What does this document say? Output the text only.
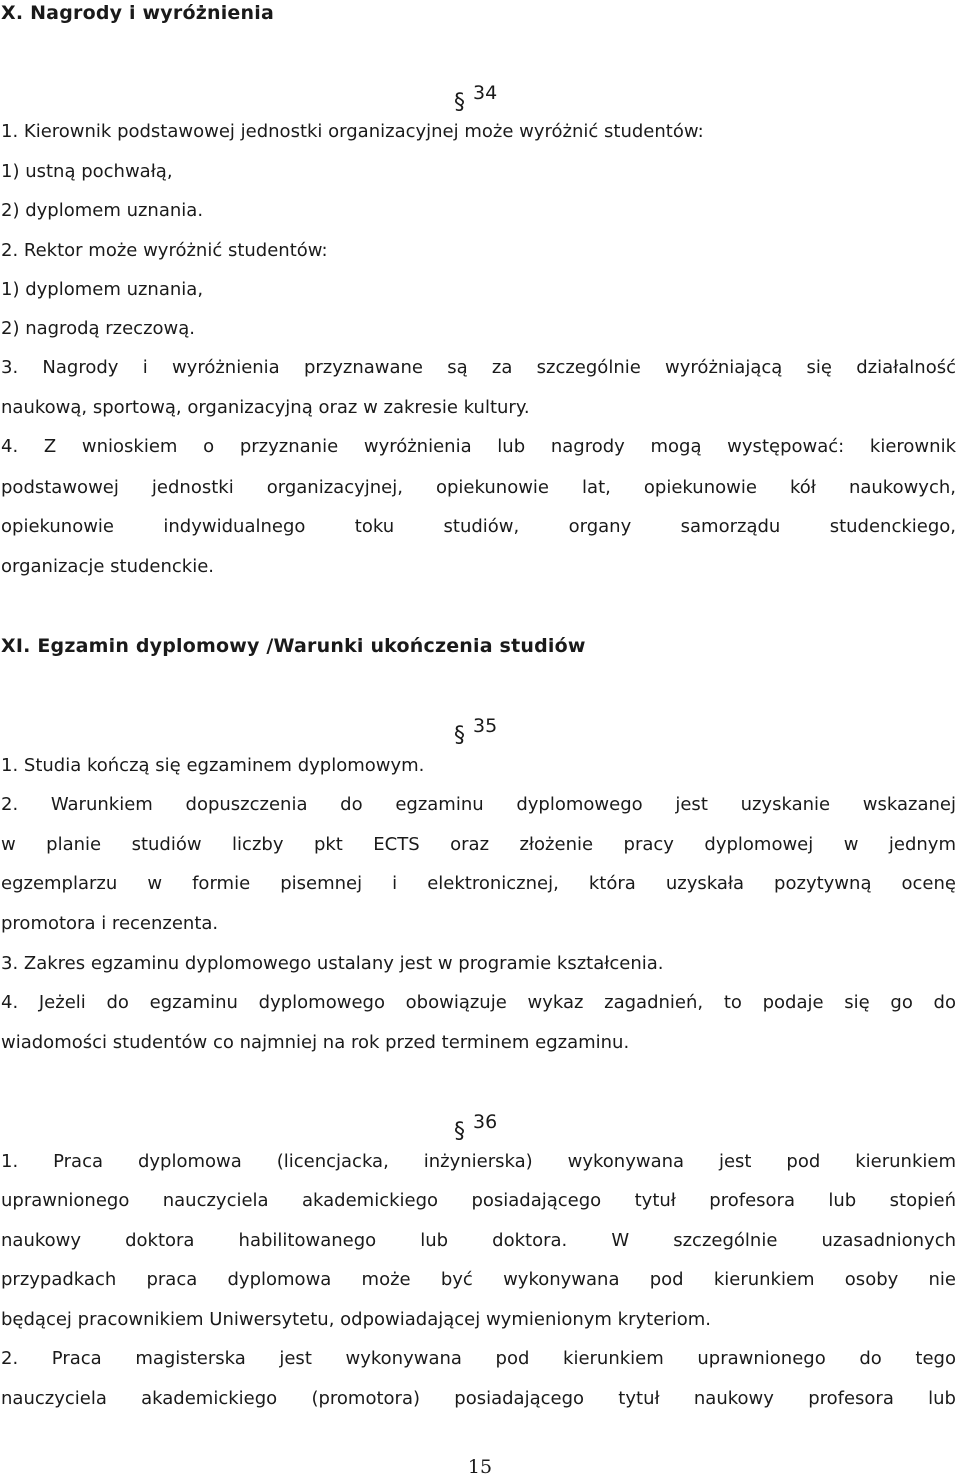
X. Nagrody i wyróżnienia

§ 34

1. Kierownik podstawowej jednostki organizacyjnej może wyróżnić studentów:

1) ustną pochwałą,

2) dyplomem uznania.

2. Rektor może wyróżnić studentów:

1) dyplomem uznania,

2) nagrodą rzeczową.

3. Nagrody i wyróżnienia przyznawane są za szczególnie wyróżniającą się działalność

naukową, sportową, organizacyjną oraz w zakresie kultury.

4. Z wnioskiem o przyznanie wyróżnienia lub nagrody mogą występować: kierownik

podstawowej jednostki organizacyjnej, opiekunowie lat, opiekunowie kół naukowych,

opiekunowie indywidualnego toku studiów, organy samorządu studenckiego,

organizacje studenckie.

XI. Egzamin dyplomowy /Warunki ukończenia studiów

§ 35

1. Studia kończą się egzaminem dyplomowym.

2. Warunkiem dopuszczenia do egzaminu dyplomowego jest uzyskanie wskazanej

w planie studiów liczby pkt ECTS oraz złożenie pracy dyplomowej w jednym

egzemplarzu w formie pisemnej i elektronicznej, która uzyskała pozytywną ocenę

promotora i recenzenta.

3. Zakres egzaminu dyplomowego ustalany jest w programie kształcenia.

4. Jeżeli do egzaminu dyplomowego obowiązuje wykaz zagadnień, to podaje się go do

wiadomości studentów co najmniej na rok przed terminem egzaminu.

§ 36

1. Praca dyplomowa (licencjacka, inżynierska) wykonywana jest pod kierunkiem

uprawnionego nauczyciela akademickiego posiadającego tytuł profesora lub stopień

naukowy doktora habilitowanego lub doktora. W szczególnie uzasadnionych

przypadkach praca dyplomowa może być wykonywana pod kierunkiem osoby nie

będącej pracownikiem Uniwersytetu, odpowiadającej wymienionym kryteriom.

2. Praca magisterska jest wykonywana pod kierunkiem uprawnionego do tego

nauczyciela akademickiego (promotora) posiadającego tytuł naukowy profesora lub

15
